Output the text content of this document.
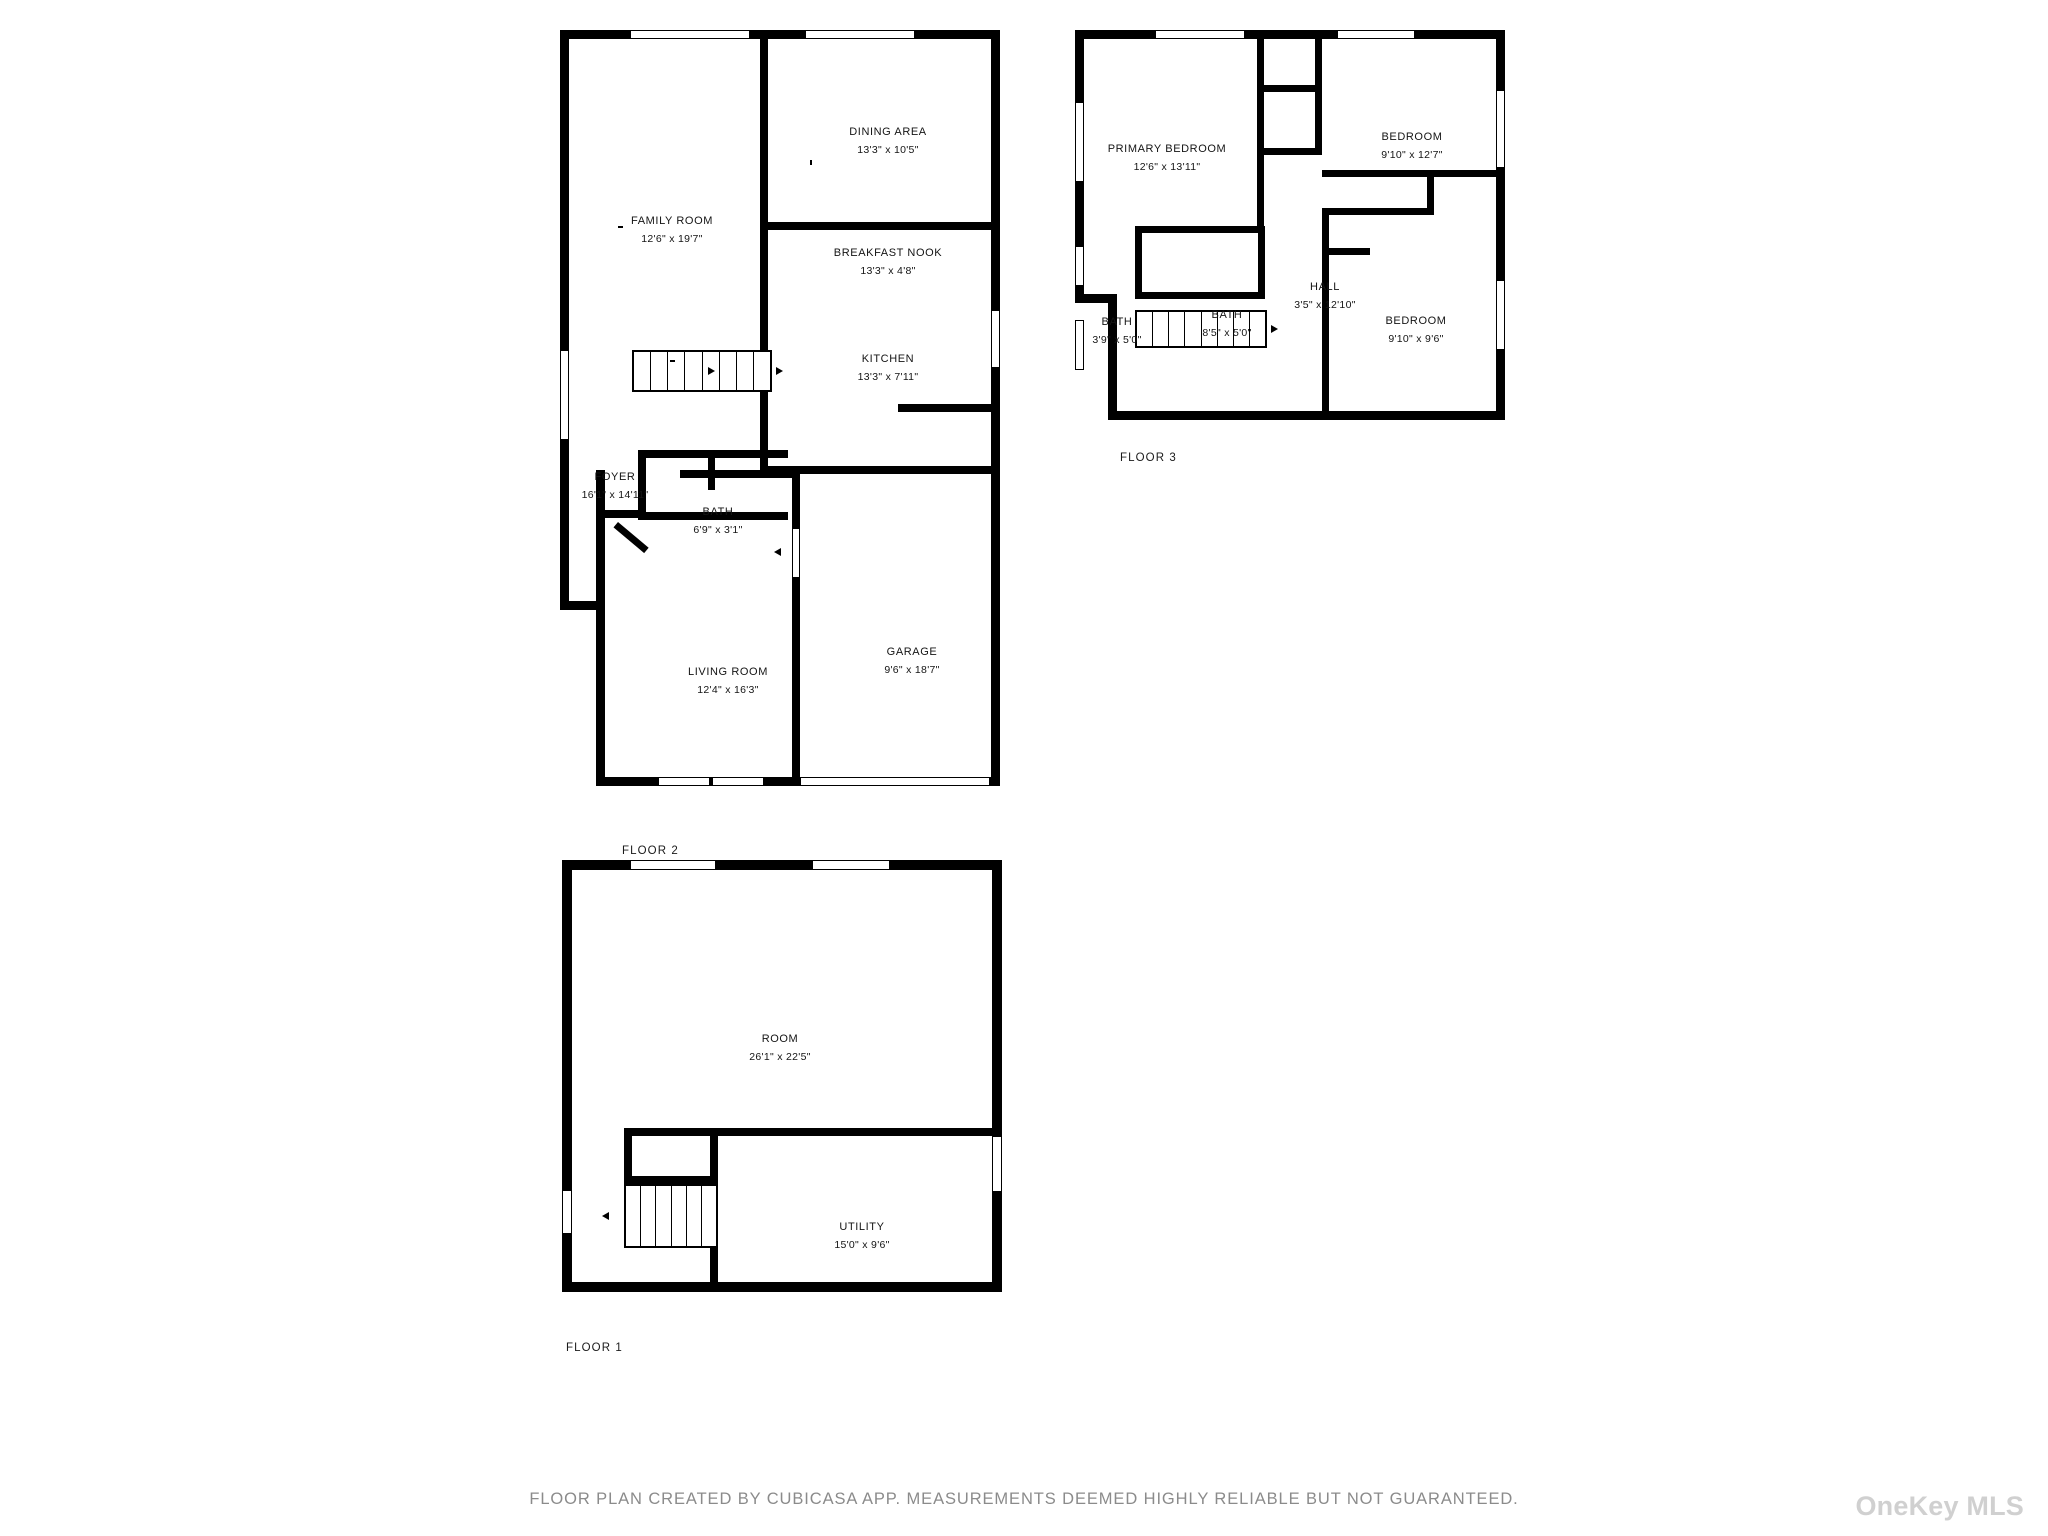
FAMILY ROOM
12'6" x 19'7"
DINING AREA
13'3" x 10'5"
BREAKFAST NOOK
13'3" x 4'8"
KITCHEN
13'3" x 7'11"
FOYER
16'1" x 14'11"
BATH
6'9" x 3'1"
LIVING ROOM
12'4" x 16'3"
GARAGE
9'6" x 18'7"
FLOOR 2
PRIMARY BEDROOM
12'6" x 13'11"
BEDROOM
9'10" x 12'7"
BEDROOM
9'10" x 9'6"
HALL
3'5" x 12'10"
BATH
8'5" x 5'0"
BATH
3'9" x 5'0"
FLOOR 3
ROOM
26'1" x 22'5"
UTILITY
15'0" x 9'6"
FLOOR 1
FLOOR PLAN CREATED BY CUBICASA APP. MEASUREMENTS DEEMED HIGHLY RELIABLE BUT NOT GUARANTEED.	OneKey MLS
